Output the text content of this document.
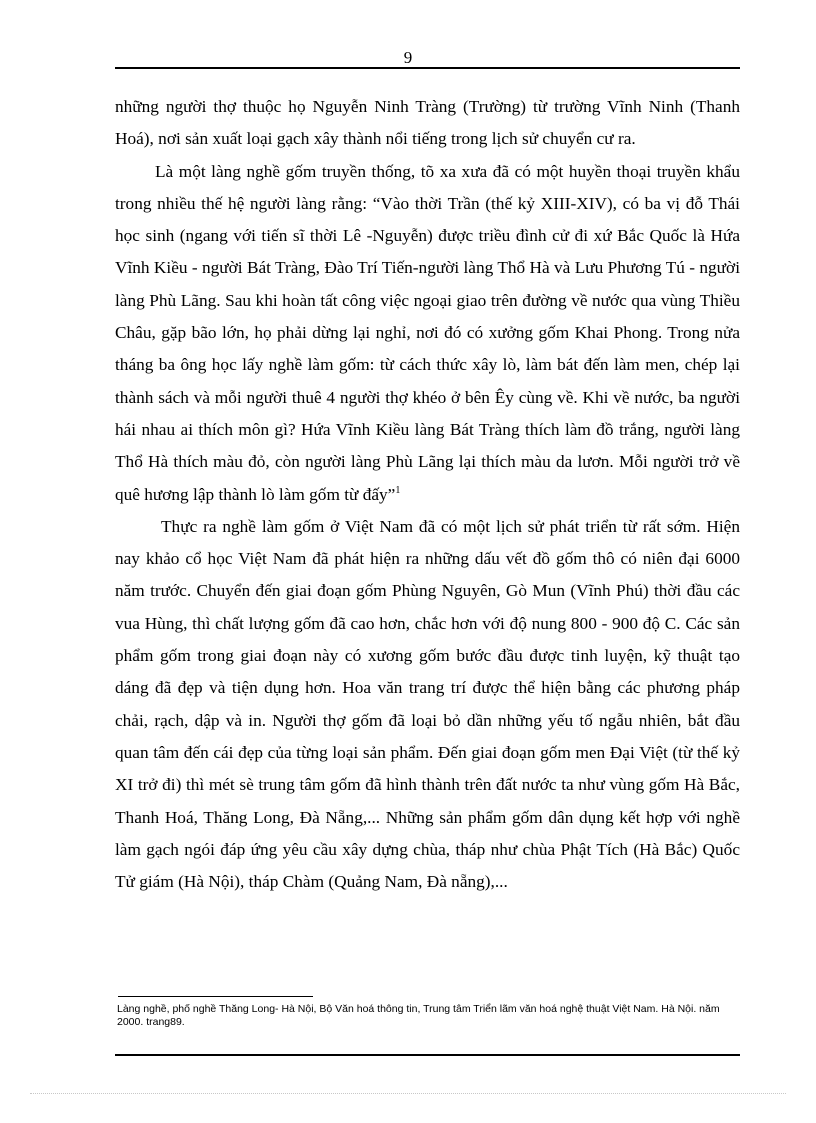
9

những người thợ thuộc họ Nguyễn Ninh Tràng (Trường) từ trường Vĩnh Ninh (Thanh Hoá), nơi sản xuất loại gạch xây thành nổi tiếng trong lịch sử chuyển cư ra.

Là một làng nghề gốm truyền thống, tõ xa xưa đã có một huyền thoại truyền khẩu trong nhiều thế hệ người làng rằng: “Vào thời Trần (thế kỷ XIII-XIV), có ba vị đỗ Thái học sinh (ngang với tiến sĩ thời Lê -Nguyễn) được triều đình cử đi xứ Bắc Quốc là Hứa Vĩnh Kiều - người Bát Tràng, Đào Trí Tiến-người làng Thổ Hà và Lưu Phương Tú - người làng Phù Lãng. Sau khi hoàn tất công việc ngoại giao trên đường về nước qua vùng Thiều Châu, gặp bão lớn, họ phải dừng lại nghỉ, nơi đó có xưởng gốm Khai Phong. Trong nửa tháng ba ông học lấy nghề làm gốm: từ cách thức xây lò, làm bát đến làm men, chép lại thành sách và mỗi người thuê 4 người thợ khéo ở bên Êy cùng về. Khi về nước, ba người hái nhau ai thích môn gì? Hứa Vĩnh Kiều làng Bát Tràng thích làm đồ trắng, người làng Thổ Hà thích màu đỏ, còn người làng Phù Lãng lại thích màu da lươn. Mỗi người trở về quê hương lập thành lò làm gốm từ đấy”$^1$

Thực ra nghề làm gốm ở Việt Nam đã có một lịch sử phát triển từ rất sớm. Hiện nay khảo cổ học Việt Nam đã phát hiện ra những dấu vết đồ gốm thô có niên đại 6000 năm trước. Chuyển đến giai đoạn gốm Phùng Nguyên, Gò Mun (Vĩnh Phú) thời đầu các vua Hùng, thì chất lượng gốm đã cao hơn, chắc hơn với độ nung 800 - 900 độ C. Các sản phẩm gốm trong giai đoạn này có xương gốm bước đầu được tinh luyện, kỹ thuật tạo dáng đã đẹp và tiện dụng hơn. Hoa văn trang trí được thể hiện bằng các phương pháp chải, rạch, dập và in. Người thợ gốm đã loại bỏ dần những yếu tố ngẫu nhiên, bắt đầu quan tâm đến cái đẹp của từng loại sản phẩm. Đến giai đoạn gốm men Đại Việt (từ thế kỷ XI trở đi) thì mét sè trung tâm gốm đã hình thành trên đất nước ta như vùng gốm Hà Bắc, Thanh Hoá, Thăng Long, Đà Nẵng,... Những sản phẩm gốm dân dụng kết hợp với nghề làm gạch ngói đáp ứng yêu cầu xây dựng chùa, tháp như chùa Phật Tích (Hà Bắc) Quốc Tử giám (Hà Nội), tháp Chàm (Quảng Nam, Đà nẵng),...

Làng nghề, phố nghề Thăng Long- Hà Nội, Bộ Văn hoá thông tin, Trung tâm Triển lãm văn hoá nghệ thuật Việt Nam. Hà Nội. năm 2000. trang89.
